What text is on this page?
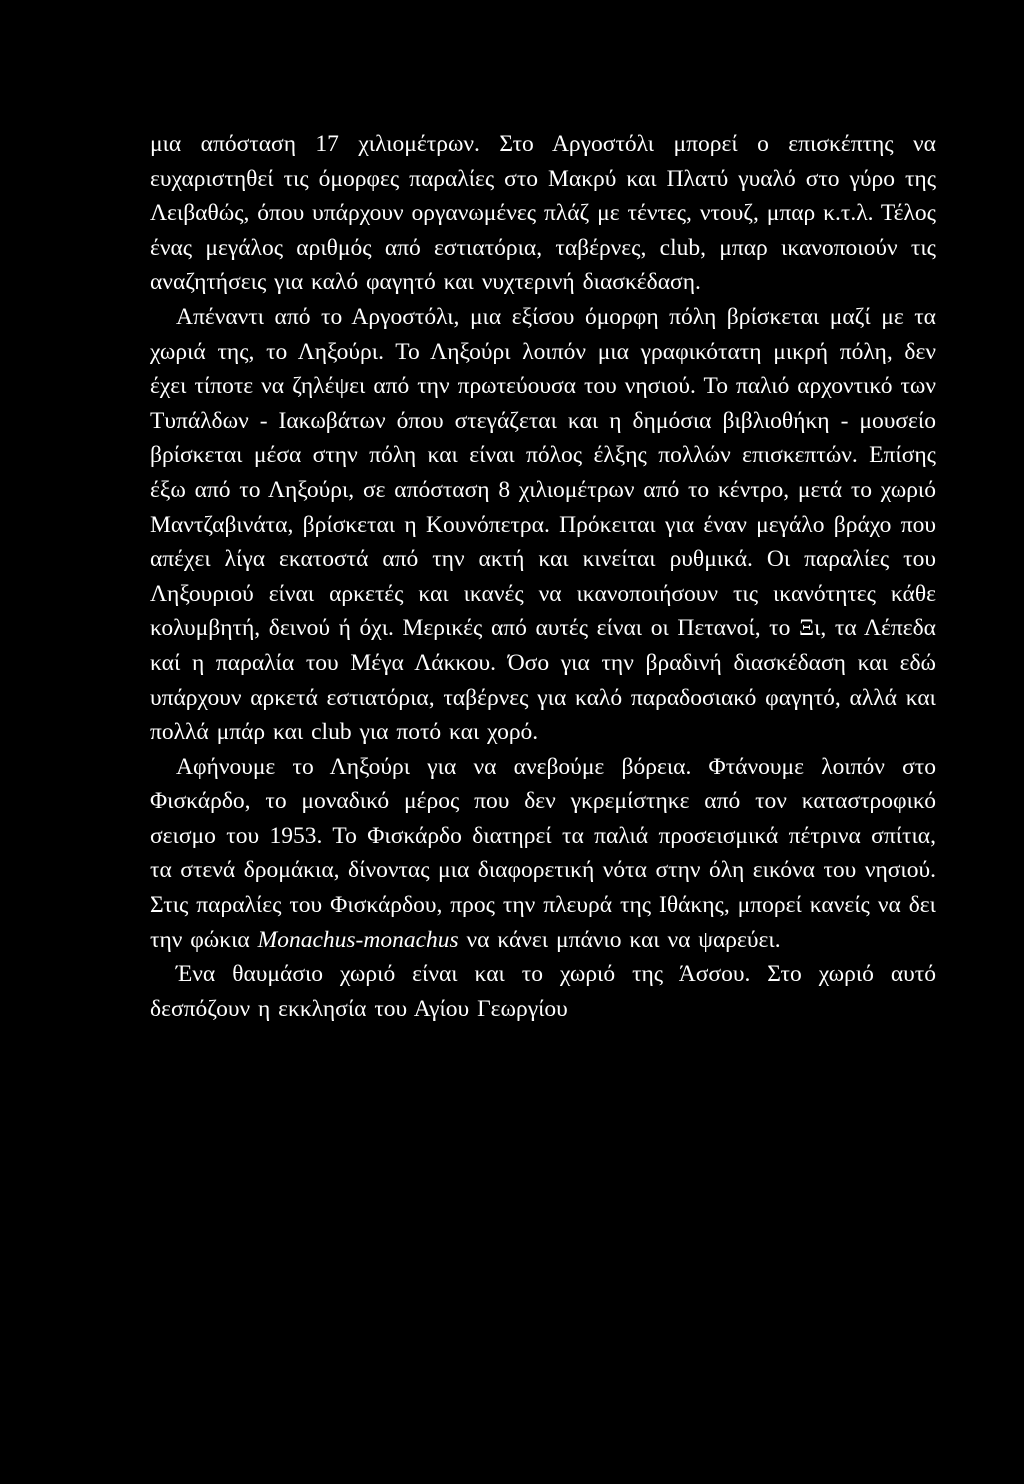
μια απόσταση 17 χιλιομέτρων. Στο Αργοστόλι μπορεί ο επισκέπτης να ευχαριστηθεί τις όμορφες παραλίες στο Μακρύ και Πλατύ γυαλό στο γύρο της Λειβαθώς, όπου υπάρχουν οργανωμένες πλάζ με τέντες, ντουζ, μπαρ κ.τ.λ. Τέλος ένας μεγάλος αριθμός από εστιατόρια, ταβέρνες, club, μπαρ ικανοποιούν τις αναζητήσεις για καλό φαγητό και νυχτερινή διασκέδαση.

Απέναντι από το Αργοστόλι, μια εξίσου όμορφη πόλη βρίσκεται μαζί με τα χωριά της, το Ληξούρι. Το Ληξούρι λοιπόν μια γραφικότατη μικρή πόλη, δεν έχει τίποτε να ζηλέψει από την πρωτεύουσα του νησιού. Το παλιό αρχοντικό των Τυπάλδων - Ιακωβάτων όπου στεγάζεται και η δημόσια βιβλιοθήκη - μουσείο βρίσκεται μέσα στην πόλη και είναι πόλος έλξης πολλών επισκεπτών. Επίσης έξω από το Ληξούρι, σε απόσταση 8 χιλιομέτρων από το κέντρο, μετά το χωριό Μαντζαβινάτα, βρίσκεται η Κουνόπετρα. Πρόκειται για έναν μεγάλο βράχο που απέχει λίγα εκατοστά από την ακτή και κινείται ρυθμικά. Οι παραλίες του Ληξουριού είναι αρκετές και ικανές να ικανοποιήσουν τις ικανότητες κάθε κολυμβητή, δεινού ή όχι. Μερικές από αυτές είναι οι Πετανοί, το Ξι, τα Λέπεδα καί η παραλία του Μέγα Λάκκου. Όσο για την βραδινή διασκέδαση και εδώ υπάρχουν αρκετά εστιατόρια, ταβέρνες για καλό παραδοσιακό φαγητό, αλλά και πολλά μπάρ και club για ποτό και χορό.

Αφήνουμε το Ληξούρι για να ανεβούμε βόρεια. Φτάνουμε λοιπόν στο Φισκάρδο, το μοναδικό μέρος που δεν γκρεμίστηκε από τον καταστροφικό σεισμο του 1953. Το Φισκάρδο διατηρεί τα παλιά προσεισμικά πέτρινα σπίτια, τα στενά δρομάκια, δίνοντας μια διαφορετική νότα στην όλη εικόνα του νησιού. Στις παραλίες του Φισκάρδου, προς την πλευρά της Ιθάκης, μπορεί κανείς να δει την φώκια Monachus-monachus να κάνει μπάνιο και να ψαρεύει.

Ένα θαυμάσιο χωριό είναι και το χωριό της Άσσου. Στο χωριό αυτό δεσπόζουν η εκκλησία του Αγίου Γεωργίου
